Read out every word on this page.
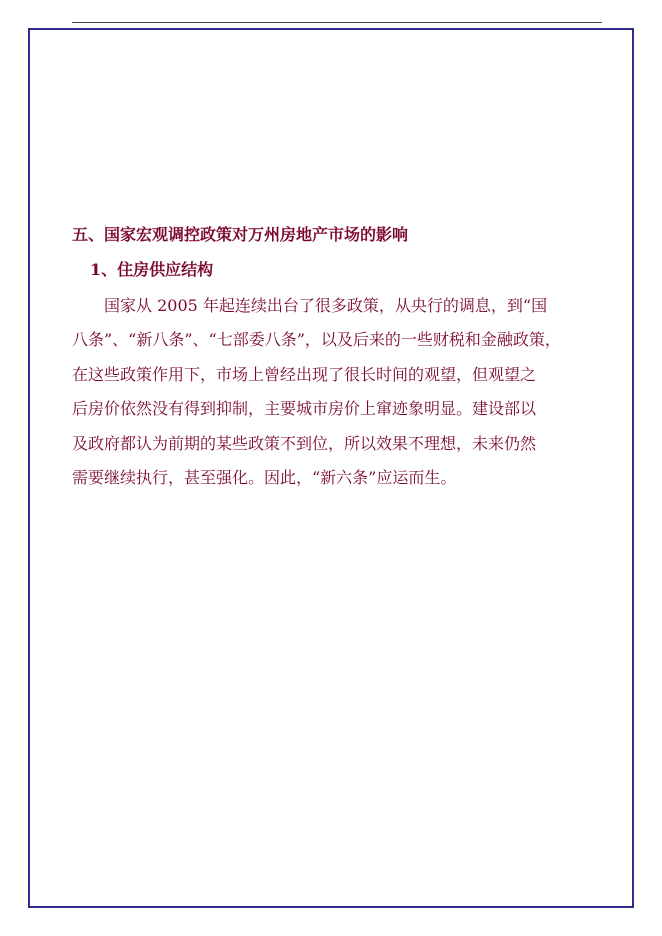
五、国家宏观调控政策对万州房地产市场的影响
1、住房供应结构

国家从 2005 年起连续出台了很多政策，从央行的调息，到“国
八条”、“新八条”、“七部委八条”，以及后来的一些财税和金融政策，
在这些政策作用下，市场上曾经出现了很长时间的观望，但观望之
后房价依然没有得到抑制，主要城市房价上窜迹象明显。建设部以
及政府都认为前期的某些政策不到位，所以效果不理想，未来仍然
需要继续执行，甚至强化。因此，“新六条”应运而生。
